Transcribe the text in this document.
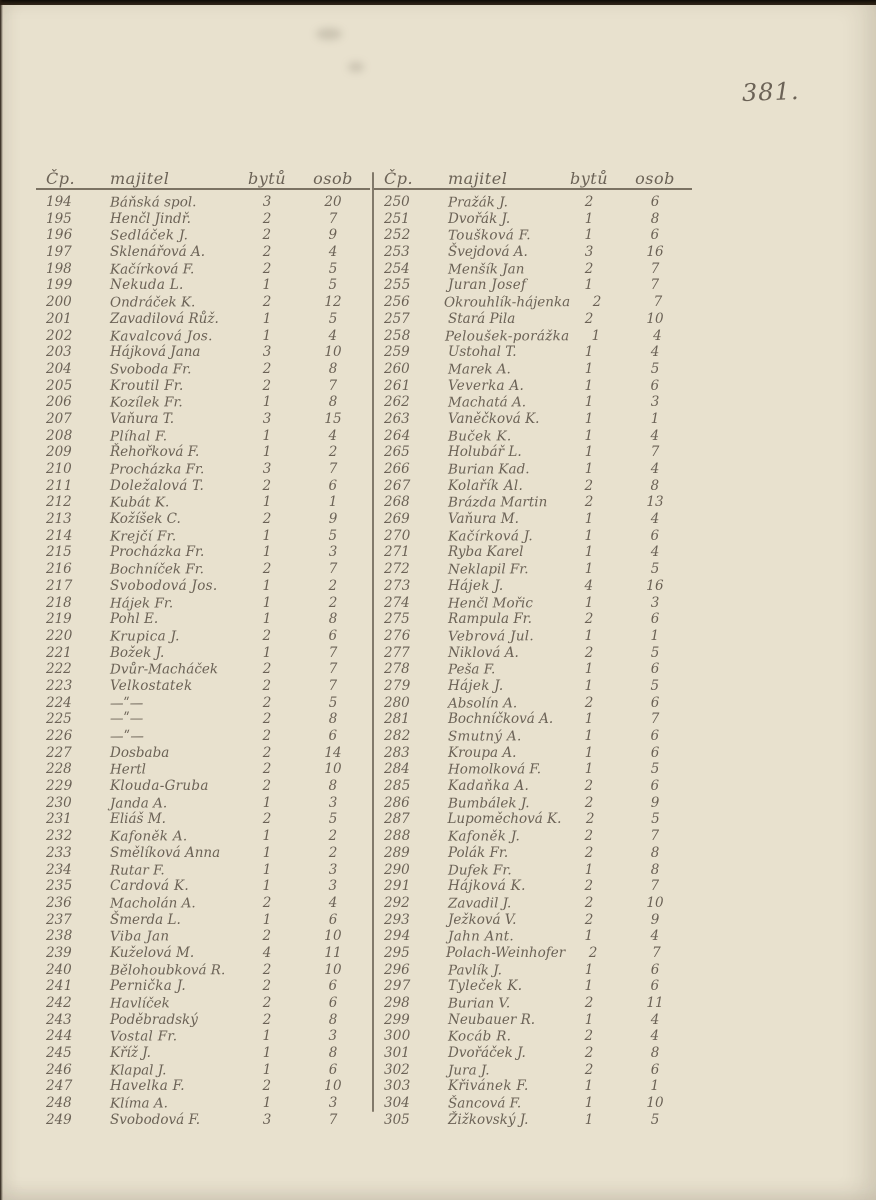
381.
Čp.	majitel	bytů	osob
194	Báňská spol.	3	20
195	Henčl Jindř.	2	7
196	Sedláček J.	2	9
197	Sklenářová A.	2	4
198	Kačírková F.	2	5
199	Nekuda L.	1	5
200	Ondráček K.	2	12
201	Zavadilová Růž.	1	5
202	Kavalcová Jos.	1	4
203	Hájková Jana	3	10
204	Svoboda Fr.	2	8
205	Kroutil Fr.	2	7
206	Kozílek Fr.	1	8
207	Vaňura T.	3	15
208	Plíhal F.	1	4
209	Řehořková F.	1	2
210	Procházka Fr.	3	7
211	Doležalová T.	2	6
212	Kubát K.	1	1
213	Kožíšek C.	2	9
214	Krejčí Fr.	1	5
215	Procházka Fr.	1	3
216	Bochníček Fr.	2	7
217	Svobodová Jos.	1	2
218	Hájek Fr.	1	2
219	Pohl E.	1	8
220	Krupica J.	2	6
221	Božek J.	1	7
222	Dvůr-Macháček	2	7
223	Velkostatek	2	7
224	—ʺ—	2	5
225	—ʺ—	2	8
226	—ʺ—	2	6
227	Dosbaba	2	14
228	Hertl	2	10
229	Klouda-Gruba	2	8
230	Janda A.	1	3
231	Eliáš M.	2	5
232	Kafoněk A.	1	2
233	Smělíková Anna	1	2
234	Rutar F.	1	3
235	Cardová K.	1	3
236	Macholán A.	2	4
237	Šmerda L.	1	6
238	Viba Jan	2	10
239	Kuželová M.	4	11
240	Bělohoubková R.	2	10
241	Pernička J.	2	6
242	Havlíček	2	6
243	Poděbradský	2	8
244	Vostal Fr.	1	3
245	Kříž J.	1	8
246	Klapal J.	1	6
247	Havelka F.	2	10
248	Klíma A.	1	3
249	Svobodová F.	3	7
Čp.	majitel	bytů	osob
250	Pražák J.	2	6
251	Dvořák J.	1	8
252	Toušková F.	1	6
253	Švejdová A.	3	16
254	Menšík Jan	2	7
255	Juran Josef	1	7
256	Okrouhlík-hájenka	2	7
257	Stará Pila	2	10
258	Peloušek-porážka	1	4
259	Ustohal T.	1	4
260	Marek A.	1	5
261	Veverka A.	1	6
262	Machatá A.	1	3
263	Vaněčková K.	1	1
264	Buček K.	1	4
265	Holubář L.	1	7
266	Burian Kad.	1	4
267	Kolařík Al.	2	8
268	Brázda Martin	2	13
269	Vaňura M.	1	4
270	Kačírková J.	1	6
271	Ryba Karel	1	4
272	Neklapil Fr.	1	5
273	Hájek J.	4	16
274	Henčl Mořic	1	3
275	Rampula Fr.	2	6
276	Vebrová Jul.	1	1
277	Niklová A.	2	5
278	Peša F.	1	6
279	Hájek J.	1	5
280	Absolín A.	2	6
281	Bochníčková A.	1	7
282	Smutný A.	1	6
283	Kroupa A.	1	6
284	Homolková F.	1	5
285	Kadaňka A.	2	6
286	Bumbálek J.	2	9
287	Lupoměchová K.	2	5
288	Kafoněk J.	2	7
289	Polák Fr.	2	8
290	Dufek Fr.	1	8
291	Hájková K.	2	7
292	Zavadil J.	2	10
293	Ježková V.	2	9
294	Jahn Ant.	1	4
295	Polach-Weinhofer	2	7
296	Pavlík J.	1	6
297	Tyleček K.	1	6
298	Burian V.	2	11
299	Neubauer R.	1	4
300	Kocáb R.	2	4
301	Dvořáček J.	2	8
302	Jura J.	2	6
303	Křivánek F.	1	1
304	Šancová F.	1	10
305	Žižkovský J.	1	5
